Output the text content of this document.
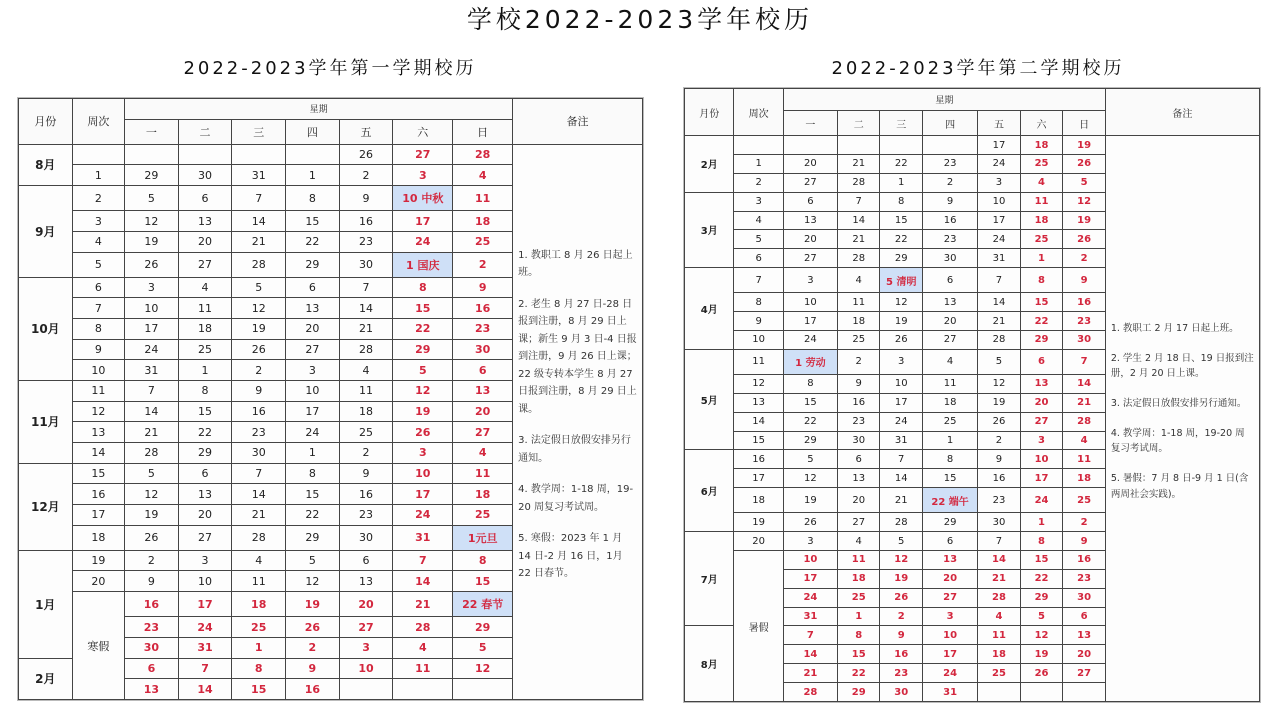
学校2022-2023学年校历
2022-2023学年第一学期校历	2022-2023学年第二学期校历
月份	周次	星期							备注
		一	二	三	四	五	六	日	
8月						26	27	28	1. 教职工 8 月 26 日起上班。

2. 老生 8 月 27 日-28 日报到注册，8 月 29 日上课；新生 9 月 3 日-4 日报到注册，9 月 26 日上课；22 级专转本学生 8 月 27 日报到注册，8 月 29 日上课。

3. 法定假日放假安排另行通知。

4. 教学周：1-18 周，19-20 周复习考试周。

5. 寒假：2023 年 1 月 14 日-2 月 16 日，1月 22 日春节。

	1	29	30	31	1	2	3	4	
9月	2	5	6	7	8	9	10 中秋	11	
	3	12	13	14	15	16	17	18	
	4	19	20	21	22	23	24	25	
	5	26	27	28	29	30	1 国庆	2	
10月	6	3	4	5	6	7	8	9	
	7	10	11	12	13	14	15	16	
	8	17	18	19	20	21	22	23	
	9	24	25	26	27	28	29	30	
	10	31	1	2	3	4	5	6	
11月	11	7	8	9	10	11	12	13	
	12	14	15	16	17	18	19	20	
	13	21	22	23	24	25	26	27	
	14	28	29	30	1	2	3	4	
12月	15	5	6	7	8	9	10	11	
	16	12	13	14	15	16	17	18	
	17	19	20	21	22	23	24	25	
	18	26	27	28	29	30	31	1元旦	
1月	19	2	3	4	5	6	7	8	
	20	9	10	11	12	13	14	15	
	寒假	16	17	18	19	20	21	22 春节	
		23	24	25	26	27	28	29	
		30	31	1	2	3	4	5	
2月		6	7	8	9	10	11	12	
		13	14	15	16				
月份	周次	星期							备注
		一	二	三	四	五	六	日	
2月						17	18	19	1. 教职工 2 月 17 日起上班。

2. 学生 2 月 18 日、19 日报到注册，2 月 20 日上课。

3. 法定假日放假安排另行通知。

4. 教学周：1-18 周，19-20 周复习考试周。

5. 暑假：7 月 8 日-9 月 1 日(含两周社会实践)。

	1	20	21	22	23	24	25	26	
	2	27	28	1	2	3	4	5	
3月	3	6	7	8	9	10	11	12	
	4	13	14	15	16	17	18	19	
	5	20	21	22	23	24	25	26	
	6	27	28	29	30	31	1	2	
4月	7	3	4	5 清明	6	7	8	9	
	8	10	11	12	13	14	15	16	
	9	17	18	19	20	21	22	23	
	10	24	25	26	27	28	29	30	
5月	11	1 劳动	2	3	4	5	6	7	
	12	8	9	10	11	12	13	14	
	13	15	16	17	18	19	20	21	
	14	22	23	24	25	26	27	28	
	15	29	30	31	1	2	3	4	
6月	16	5	6	7	8	9	10	11	
	17	12	13	14	15	16	17	18	
	18	19	20	21	22 端午	23	24	25	
	19	26	27	28	29	30	1	2	
7月	20	3	4	5	6	7	8	9	
	暑假	10	11	12	13	14	15	16	
		17	18	19	20	21	22	23	
		24	25	26	27	28	29	30	
		31	1	2	3	4	5	6	
8月		7	8	9	10	11	12	13	
		14	15	16	17	18	19	20	
		21	22	23	24	25	26	27	
		28	29	30	31				
